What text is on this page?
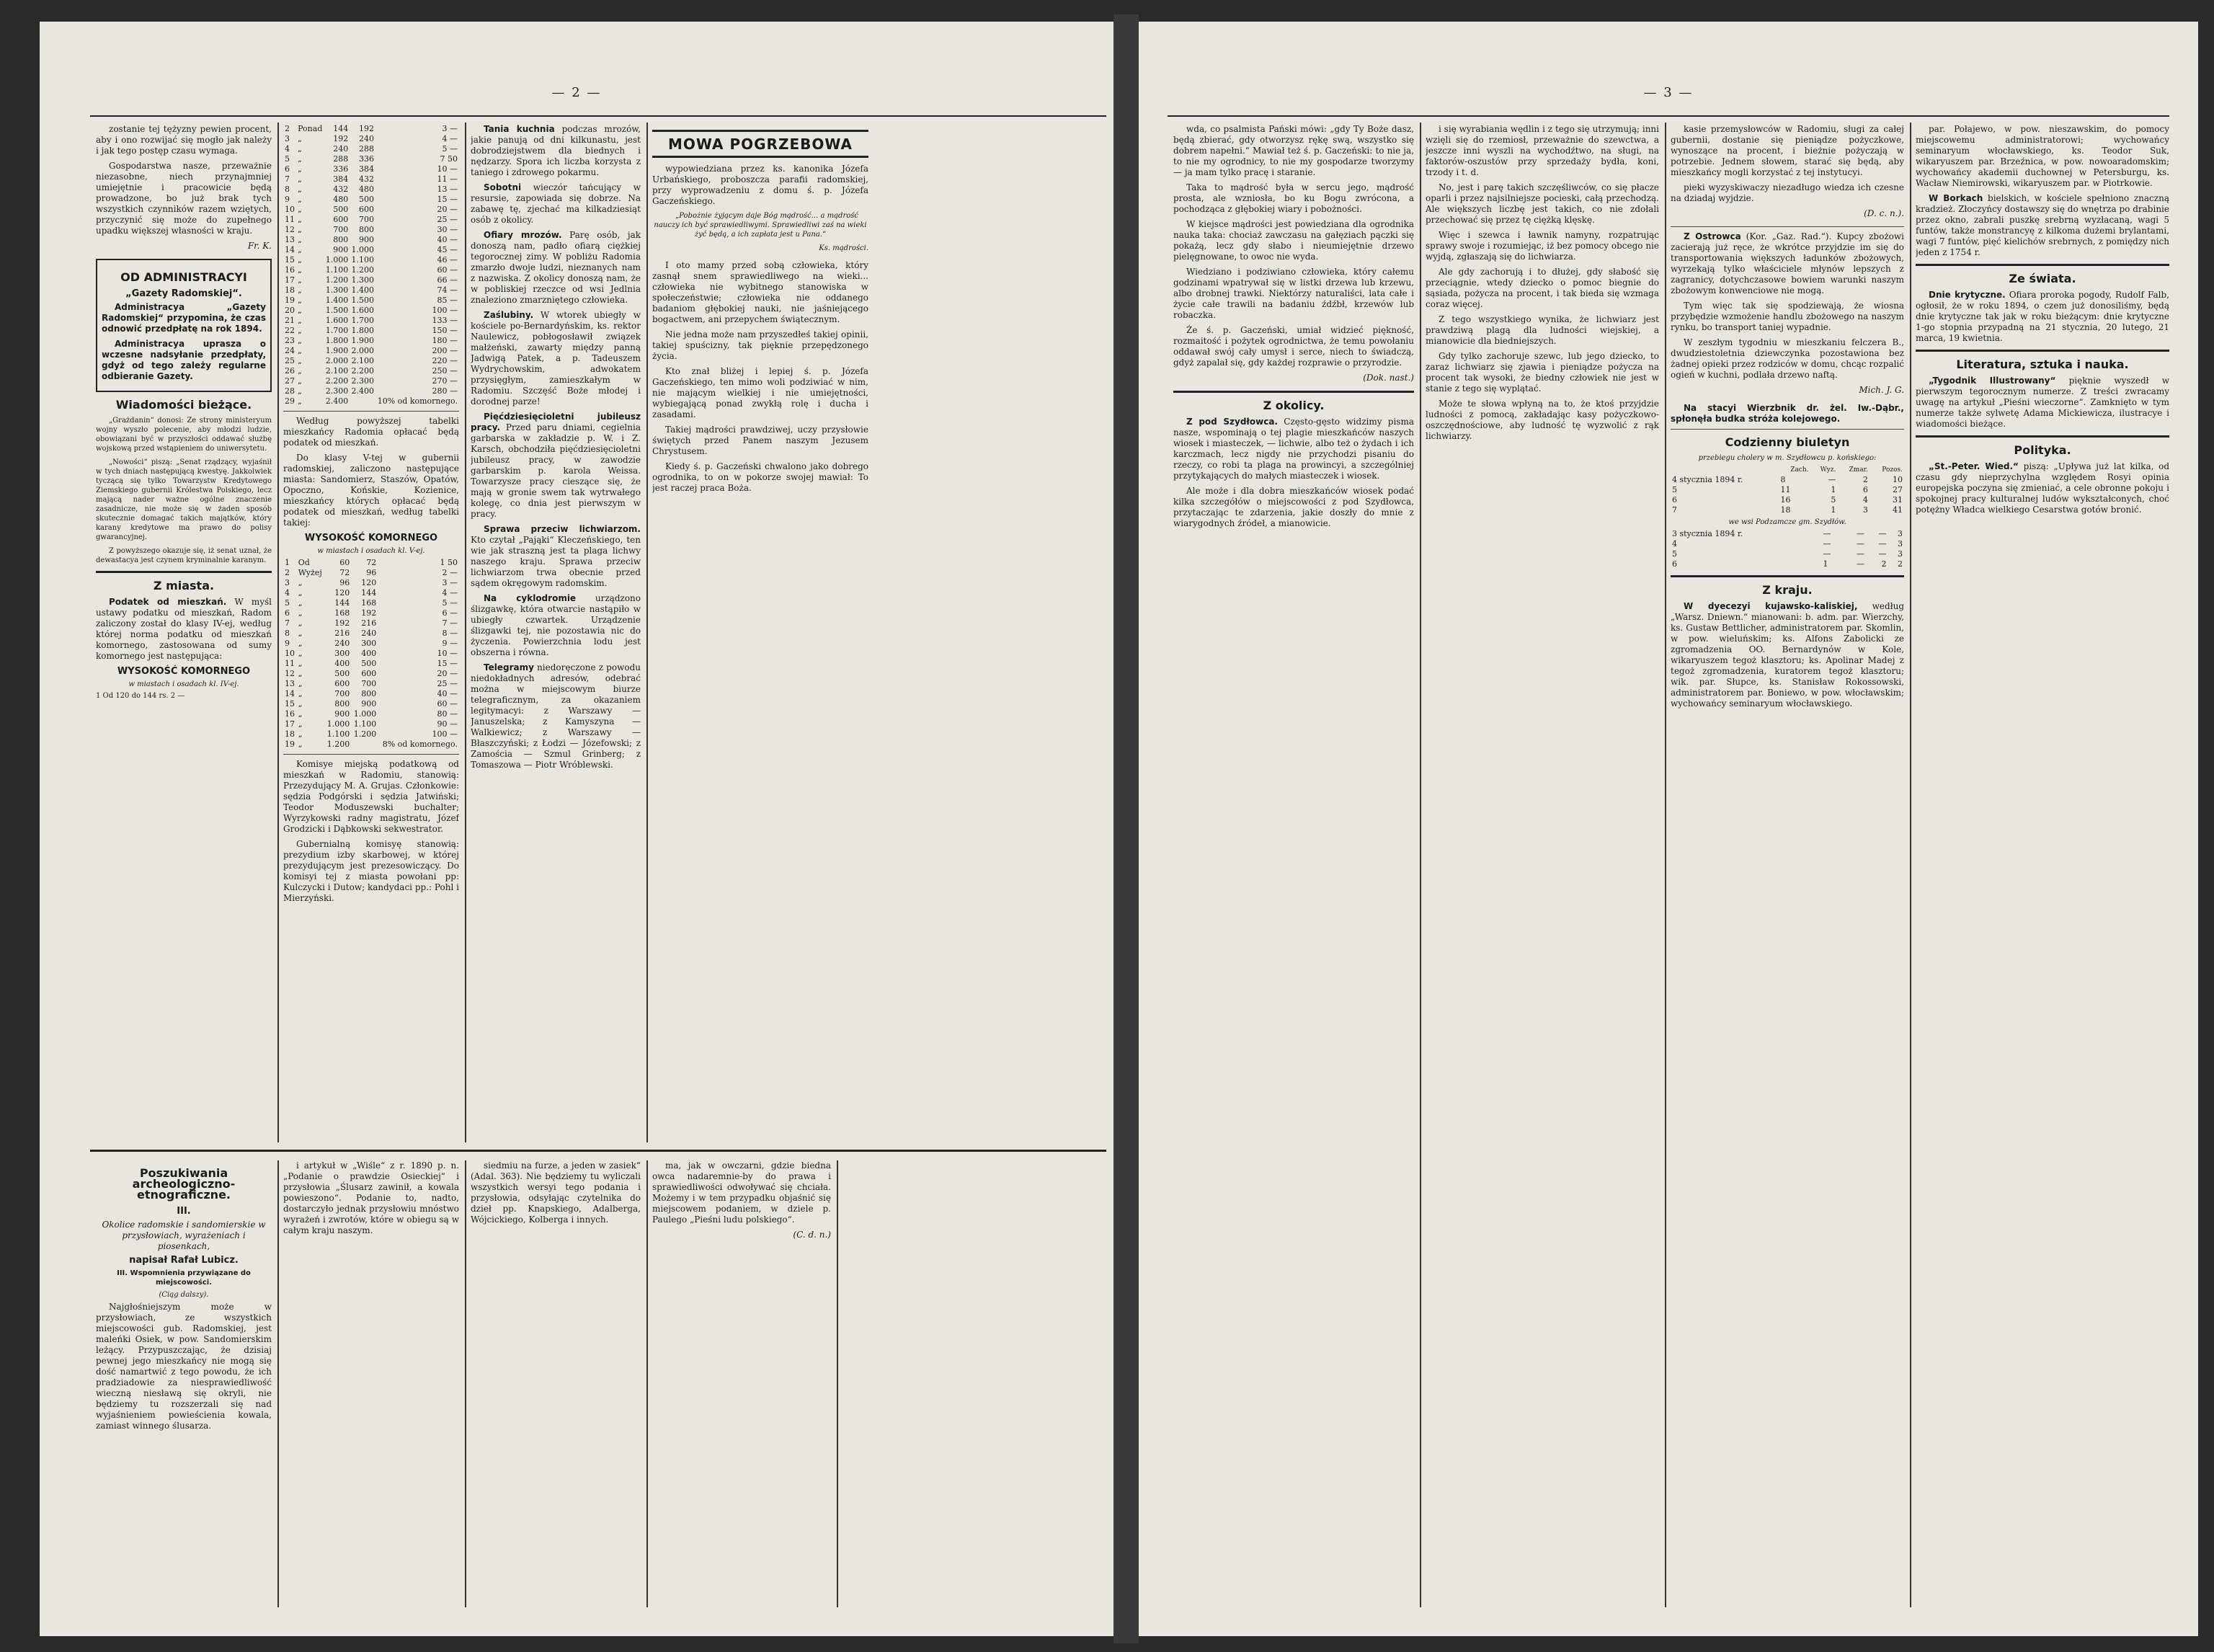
— 2 —

zostanie tej tężyzny pewien procent, aby i ono rozwijać się mogło jak należy i jak tego postęp czasu wymaga.

Gospodarstwa nasze, przeważnie niezasobne, niech przynajmniej umiejętnie i pracowicie będą prowadzone, bo już brak tych wszystkich czynników razem wziętych, przyczynić się może do zupełnego upadku większej własności w kraju.

Fr. K.
OD ADMINISTRACYI
„Gazety Radomskiej“.

Administracya „Gazety Radomskiej“ przypomina, że czas odnowić przedpłatę na rok 1894.

Administracya uprasza o wczesne nadsyłanie przedpłaty, gdyż od tego zależy regularne odbieranie Gazety.

Wiadomości bieżące.

„Grażdanin“ donosi: Ze strony ministeryum wojny wyszło polecenie, aby młodzi ludzie, obowiązani być w przyszłości oddawać służbę wojskową przed wstąpieniem do uniwersytetu.

„Nowości“ piszą: „Senat rządzący, wyjaśnił w tych dniach następującą kwestyę. Jakkolwiek tyczącą się tylko Towarzystw Kredytowego Ziemskiego gubernii Królestwa Polskiego, lecz mającą nader ważne ogólne znaczenie zasadnicze, nie może się w żaden sposób skutecznie domagać takich majątków, który karany kredytowe ma prawo do polisy gwarancyjnej.

Z powyższego okazuje się, iż senat uznał, że dewastacya jest czynem kryminalnie karanym.

Z miasta.

Podatek od mieszkań. W myśl ustawy podatku od mieszkań, Radom zaliczony został do klasy IV-ej, według której norma podatku od mieszkań komornego, zastosowana od sumy komornego jest następująca:

WYSOKOŚĆ KOMORNEGO
w miastach i osadach kl. IV-ej.
1 Od 120 do 144 rs. 2 —
2	Ponad	144	192	3 —
3	„	192	240	4 —
4	„	240	288	5 —
5	„	288	336	7 50
6	„	336	384	10 —
7	„	384	432	11 —
8	„	432	480	13 —
9	„	480	500	15 —
10	„	500	600	20 —
11	„	600	700	25 —
12	„	700	800	30 —
13	„	800	900	40 —
14	„	900	1.000	45 —
15	„	1.000	1.100	46 —
16	„	1.100	1.200	60 —
17	„	1.200	1.300	66 —
18	„	1.300	1.400	74 —
19	„	1.400	1.500	85 —
20	„	1.500	1.600	100 —
21	„	1.600	1.700	133 —
22	„	1.700	1.800	150 —
23	„	1.800	1.900	180 —
24	„	1.900	2.000	200 —
25	„	2.000	2.100	220 —
26	„	2.100	2.200	250 —
27	„	2.200	2.300	270 —
28	„	2.300	2.400	280 —
29	„	2.400		10% od komornego.

Według powyższej tabelki mieszkańcy Radomia opłacać będą podatek od mieszkań.

Do klasy V-tej w gubernii radomskiej, zaliczono następujące miasta: Sandomierz, Staszów, Opatów, Opoczno, Końskie, Kozienice, mieszkańcy których opłacać będą podatek od mieszkań, według tabelki takiej:

WYSOKOŚĆ KOMORNEGO
w miastach i osadach kl. V-ej.
1	Od	60	72	1 50
2	Wyżej	72	96	2 —
3	„	96	120	3 —
4	„	120	144	4 —
5	„	144	168	5 —
6	„	168	192	6 —
7	„	192	216	7 —
8	„	216	240	8 —
9	„	240	300	9 —
10	„	300	400	10 —
11	„	400	500	15 —
12	„	500	600	20 —
13	„	600	700	25 —
14	„	700	800	40 —
15	„	800	900	60 —
16	„	900	1.000	80 —
17	„	1.000	1.100	90 —
18	„	1.100	1.200	100 —
19	„	1.200		8% od komornego.

Komisye miejską podatkową od mieszkań w Radomiu, stanowią: Przezydujący M. A. Grujas. Członkowie: sędzia Podgórski i sędzia Jatwiński; Teodor Moduszewski buchalter; Wyrzykowski radny magistratu, Józef Grodzicki i Dąbkowski sekwestrator.

Gubernialną komisyę stanowią: prezydium izby skarbowej, w której prezydującym jest prezesowiczący. Do komisyi tej z miasta powołani pp: Kulczycki i Dutow; kandydaci pp.: Pohl i Mierzyński.

Tania kuchnia podczas mrozów, jakie panują od dni kilkunastu, jest dobrodziejstwem dla biednych i nędzarzy. Spora ich liczba korzysta z taniego i zdrowego pokarmu.

Sobotni wieczór tańcujący w resursie, zapowiada się dobrze. Na zabawę tę, zjechać ma kilkadziesiąt osób z okolicy.

Ofiary mrozów. Parę osób, jak donoszą nam, padło ofiarą ciężkiej tegorocznej zimy. W pobliżu Radomia zmarzło dwoje ludzi, nieznanych nam z nazwiska. Z okolicy donoszą nam, że w pobliskiej rzeczce od wsi Jedlnia znaleziono zmarzniętego człowieka.

Zaślubiny. W wtorek ubiegły w kościele po-Bernardyńskim, ks. rektor Naulewicz, pobłogosławił związek małżeński, zawarty między panną Jadwigą Patek, a p. Tadeuszem Wydrychowskim, adwokatem przysięgłym, zamieszkałym w Radomiu. Szczęść Boże młodej i dorodnej parze!

Pięćdziesięcioletni jubileusz pracy. Przed paru dniami, cegielnia garbarska w zakładzie p. W. i Z. Karsch, obchodziła pięćdziesięcioletni jubileusz pracy, w zawodzie garbarskim p. karola Weissa. Towarzysze pracy cieszące się, że mają w gronie swem tak wytrwałego kolegę, co dnia jest pierwszym w pracy.

Sprawa przeciw lichwiarzom. Kto czytał „Pająki“ Kleczeńskiego, ten wie jak straszną jest ta plaga lichwy naszego kraju. Sprawa przeciw lichwiarzom trwa obecnie przed sądem okręgowym radomskim.

Na cyklodromie urządzono ślizgawkę, która otwarcie nastąpiło w ubiegły czwartek. Urządzenie ślizgawki tej, nie pozostawia nic do życzenia. Powierzchnia lodu jest obszerna i równa.

Telegramy niedoręczone z powodu niedokładnych adresów, odebrać można w miejscowym biurze telegraficznym, za okazaniem legitymacyi: z Warszawy — Januszelska; z Kamyszyna — Walkiewicz; z Warszawy — Błaszczyński; z Łodzi — Józefowski; z Zamościa — Szmul Grinberg; z Tomaszowa — Piotr Wróblewski.

MOWA POGRZEBOWA

wypowiedziana przez ks. kanonika Józefa Urbańskiego, proboszcza parafii radomskiej, przy wyprowadzeniu z domu ś. p. Józefa Gaczeńskiego.

„Pobożnie żyjącym daje Bóg mądrość... a mądrość nauczy ich być sprawiedliwymi. Sprawiedliwi zaś na wieki żyć będą, a ich zapłata jest u Pana.“

Ks. mądrości.

I oto mamy przed sobą człowieka, który zasnął snem sprawiedliwego na wieki... człowieka nie wybitnego stanowiska w społeczeństwie; człowieka nie oddanego badaniom głębokiej nauki, nie jaśniejącego bogactwem, ani przepychem świątecznym.

Nie jedna może nam przyszedłeś takiej opinii, takiej spuścizny, tak pięknie przepędzonego życia.

Kto znał bliżej i lepiej ś. p. Józefa Gaczeńskiego, ten mimo woli podziwiać w nim, nie mającym wielkiej i nie umiejętności, wybiegającą ponad zwykłą rolę i ducha i zasadami.

Takiej mądrości prawdziwej, uczy przysłowie świętych przed Panem naszym Jezusem Chrystusem.

Kiedy ś. p. Gaczeński chwalono jako dobrego ogrodnika, to on w pokorze swojej mawiał: To jest raczej praca Boża.

Poszukiwania archeologiczno-etnograficzne.
III.
Okolice radomskie i sandomierskie w przysłowiach, wyrażeniach i piosenkach,
napisał Rafał Lubicz.
III. Wspomnienia przywiązane do miejscowości.
(Ciąg dalszy).

Najgłośniejszym może w przysłowiach, ze wszystkich miejscowości gub. Radomskiej, jest maleńki Osiek, w pow. Sandomierskim leżący. Przypuszczając, że dzisiaj pewnej jego mieszkańcy nie mogą się dość namartwić z tego powodu, że ich pradziadowie za niesprawiedliwość wieczną niesławą się okryli, nie będziemy tu rozszerzali się nad wyjaśnieniem powieścienia kowala, zamiast winnego ślusarza.

i artykuł w „Wiśle“ z r. 1890 p. n. „Podanie o prawdzie Osieckiej“ i przysłowia „Ślusarz zawinił, a kowala powieszono“. Podanie to, nadto, dostarczyło jednak przysłowiu mnóstwo wyrażeń i zwrotów, które w obiegu są w całym kraju naszym.

siedmiu na furze, a jeden w zasiek“ (Adal. 363). Nie będziemy tu wyliczali wszystkich wersyi tego podania i przysłowia, odsyłając czytelnika do dzieł pp. Knapskiego, Adalberga, Wójcickiego, Kolberga i innych.

ma, jak w owczarni, gdzie biedna owca nadaremnie-by do prawa i sprawiedliwości odwoływać się chciała. Możemy i w tem przypadku objaśnić się miejscowem podaniem, w dziele p. Paulego „Pieśni ludu polskiego“.

(C. d. n.)
— 3 —

wda, co psalmista Pański mówi: „gdy Ty Boże dasz, będą zbierać, gdy otworzysz rękę swą, wszystko się dobrem napełni.“ Mawiał też ś. p. Gaczeński: to nie ja, to nie my ogrodnicy, to nie my gospodarze tworzymy — ja mam tylko pracę i staranie.

Taka to mądrość była w sercu jego, mądrość prosta, ale wzniosła, bo ku Bogu zwrócona, a pochodząca z głębokiej wiary i pobożności.

W kiejsce mądrości jest powiedziana dla ogrodnika nauka taka: chociaż zawczasu na gałęziach pączki się pokażą, lecz gdy słabo i nieumiejętnie drzewo pielęgnowane, to owoc nie wyda.

Wiedziano i podziwiano człowieka, który całemu godzinami wpatrywał się w listki drzewa lub krzewu, albo drobnej trawki. Niektórzy naturaliści, lata całe i życie całe trawili na badaniu źdźbł, krzewów lub robaczka.

Że ś. p. Gaczeński, umiał widzieć piękność, rozmaitość i pożytek ogrodnictwa, że temu powołaniu oddawał swój cały umysł i serce, niech to świadczą, gdyż zapalał się, gdy każdej rozprawie o przyrodzie.

(Dok. nast.)
Z okolicy.

Z pod Szydłowca. Często-gęsto widzimy pisma nasze, wspominają o tej plagie mieszkańców naszych wiosek i miasteczek, — lichwie, albo też o żydach i ich karczmach, lecz nigdy nie przychodzi pisaniu do rzeczy, co robi ta plaga na prowincyi, a szczególniej przytykających do małych miasteczek i wiosek.

Ale może i dla dobra mieszkańców wiosek podać kilka szczegółów o miejscowości z pod Szydłowca, przytaczając te zdarzenia, jakie doszły do mnie z wiarygodnych źródeł, a mianowicie.

i się wyrabiania wędlin i z tego się utrzymują; inni wzięli się do rzemiosł, przeważnie do szewctwa, a jeszcze inni wyszli na wychodźtwo, na sługi, na faktorów-oszustów przy sprzedaży bydła, koni, trzody i t. d.

No, jest i parę takich szczęśliwców, co się płacze oparli i przez najsilniejsze pocieski, całą przechodzą. Ale większych liczbę jest takich, co nie zdołali przechować się przez tę ciężką klęskę.

Więc i szewca i ławnik namyny, rozpatrując sprawy swoje i rozumiejąc, iż bez pomocy obcego nie wyjdą, zgłaszają się do lichwiarza.

Ale gdy zachorują i to dłużej, gdy słabość się przeciągnie, wtedy dziecko o pomoc biegnie do sąsiada, pożycza na procent, i tak bieda się wzmaga coraz więcej.

Z tego wszystkiego wynika, że lichwiarz jest prawdziwą plagą dla ludności wiejskiej, a mianowicie dla biedniejszych.

Gdy tylko zachoruje szewc, lub jego dziecko, to zaraz lichwiarz się zjawia i pieniądze pożycza na procent tak wysoki, że biedny człowiek nie jest w stanie z tego się wyplątać.

Może te słowa wpłyną na to, że ktoś przyjdzie ludności z pomocą, zakładając kasy pożyczkowo-oszczędnościowe, aby ludność tę wyzwolić z rąk lichwiarzy.

kasie przemysłowców w Radomiu, sługi za całej gubernii, dostanie się pieniądze pożyczkowe, wynoszące na procent, i bieżnie pożyczają w potrzebie. Jednem słowem, starać się będą, aby mieszkańcy mogli korzystać z tej instytucyi.

pieki wyzyskiwaczy niezadługo wiedza ich czesne na dziadaj wyjdzie.

(D. c. n.).

Z Ostrowca (Kor. „Gaz. Rad.“). Kupcy zbożowi zacierają już ręce, że wkrótce przyjdzie im się do transportowania większych ładunków zbożowych, wyrzekają tylko właściciele młynów lepszych z zagranicy, dotychczasowe bowiem warunki naszym zbożowym konwenciowe nie mogą.

Tym więc tak się spodziewają, że wiosna przybędzie wzmożenie handlu zbożowego na naszym rynku, bo transport taniej wypadnie.

W zeszłym tygodniu w mieszkaniu felczera B., dwudziestoletnia dziewczynka pozostawiona bez żadnej opieki przez rodziców w domu, chcąc rozpalić ogień w kuchni, podlała drzewo naftą.

Mich. J. G.

Na stacyi Wierzbnik dr. żel. Iw.-Dąbr., spłonęła budka stróża kolejowego.

Codzienny biuletyn
przebiegu cholery w m. Szydłowcu p. końskiego:
	Zach.	Wyz.	Zmar.	Pozos.
4 stycznia 1894 r.	8	—	2	10
5	11	1	6	27
6	16	5	4	31
7	18	1	3	41
we wsi Podzamcze gm. Szydłów.
3 stycznia 1894 r.	—	—	—	3
4	—	—	—	3
5	—	—	—	3
6	1	—	2	2
Z kraju.

W dyecezyi kujawsko-kaliskiej, według „Warsz. Dniewn.“ mianowani: b. adm. par. Wierzchy, ks. Gustaw Bettlicher, administratorem par. Skomlin, w pow. wieluńskim; ks. Alfons Zabolicki ze zgromadzenia OO. Bernardynów w Kole, wikaryuszem tegoż klasztoru; ks. Apolinar Madej z tegoż zgromadzenia, kuratorem tegoż klasztoru; wik. par. Słupce, ks. Stanisław Rokossowski, administratorem par. Boniewo, w pow. włocławskim; wychowańcy seminaryum włocławskiego.

par. Połajewo, w pow. nieszawskim, do pomocy miejscowemu administratorowi; wychowańcy seminaryum włocławskiego, ks. Teodor Suk, wikaryuszem par. Brzeźnica, w pow. nowoaradomskim; wychowańcy akademii duchownej w Petersburgu, ks. Wacław Niemirowski, wikaryuszem par. w Piotrkowie.

W Borkach bielskich, w kościele spełniono znaczną kradzież. Złoczyńcy dostawszy się do wnętrza po drabinie przez okno, zabrali puszkę srebrną wyzłacaną, wagi 5 funtów, także monstrancyę z kilkoma dużemi brylantami, wagi 7 funtów, pięć kielichów srebrnych, z pomiędzy nich jeden z 1754 r.

Ze świata.

Dnie krytyczne. Ofiara proroka pogody, Rudolf Falb, ogłosił, że w roku 1894, o czem już donosiliśmy, będą dnie krytyczne tak jak w roku bieżącym: dnie krytyczne 1-go stopnia przypadną na 21 stycznia, 20 lutego, 21 marca, 19 kwietnia.

Literatura, sztuka i nauka.

„Tygodnik Illustrowany“ pięknie wyszedł w pierwszym tegorocznym numerze. Z treści zwracamy uwagę na artykuł „Pieśni wieczorne“. Zamknięto w tym numerze także sylwetę Adama Mickiewicza, ilustracye i wiadomości bieżące.

Polityka.

„St.-Peter. Wied.“ piszą: „Upływa już lat kilka, od czasu gdy nieprzychylna względem Rosyi opinia europejska poczyna się zmieniać, a cele obronne pokoju i spokojnej pracy kulturalnej ludów wykształconych, choć potężny Władca wielkiego Cesarstwa gotów bronić.
